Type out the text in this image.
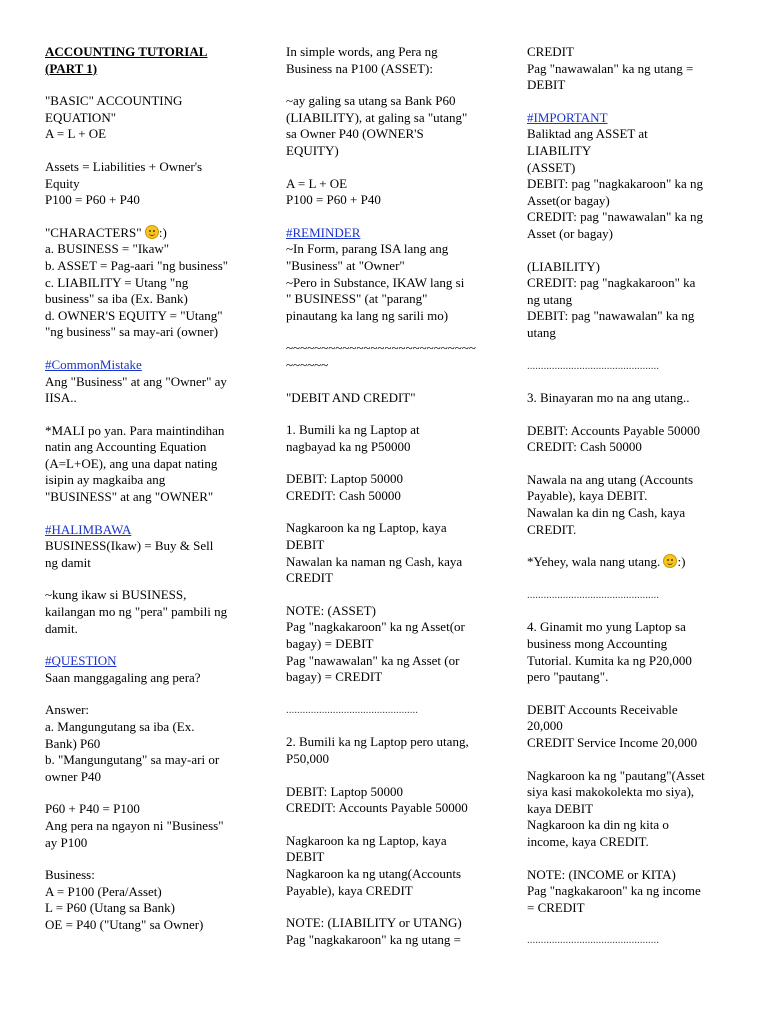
ACCOUNTING TUTORIAL
(PART 1)
"BASIC" ACCOUNTING
EQUATION"
A = L + OE
Assets = Liabilities + Owner's
Equity
P100 = P60 + P40
"CHARACTERS" :)
a. BUSINESS = "Ikaw"
b. ASSET = Pag-aari "ng business"
c. LIABILITY = Utang "ng
business" sa iba (Ex. Bank)
d. OWNER'S EQUITY = "Utang"
"ng business" sa may-ari (owner)
#CommonMistake
Ang "Business" at ang "Owner" ay
IISA..
*MALI po yan. Para maintindihan
natin ang Accounting Equation
(A=L+OE), ang una dapat nating
isipin ay magkaiba ang
"BUSINESS" at ang "OWNER"
#HALIMBAWA
BUSINESS(Ikaw) = Buy & Sell
ng damit
~kung ikaw si BUSINESS,
kailangan mo ng "pera" pambili ng
damit.
#QUESTION
Saan manggagaling ang pera?
Answer:
a. Mangungutang sa iba (Ex.
Bank) P60
b. "Mangungutang" sa may-ari or
owner P40
P60 + P40 = P100
Ang pera na ngayon ni "Business"
ay P100
Business:
A = P100 (Pera/Asset)
L = P60 (Utang sa Bank)
OE = P40 ("Utang" sa Owner)
In simple words, ang Pera ng
Business na P100 (ASSET):
~ay galing sa utang sa Bank P60
(LIABILITY), at galing sa "utang"
sa Owner P40 (OWNER'S
EQUITY)
A = L + OE
P100 = P60 + P40
#REMINDER
~In Form, parang ISA lang ang
"Business" at "Owner"
~Pero in Substance, IKAW lang si
" BUSINESS" (at "parang"
pinautang ka lang ng sarili mo)
~~~~~~~~~~~~~~~~~~~~~~~~~~~
~~~~~~
"DEBIT AND CREDIT"
1. Bumili ka ng Laptop at
nagbayad ka ng P50000
DEBIT: Laptop 50000
CREDIT: Cash 50000
Nagkaroon ka ng Laptop, kaya
DEBIT
Nawalan ka naman ng Cash, kaya
CREDIT
NOTE: (ASSET)
Pag "nagkakaroon" ka ng Asset(or
bagay) = DEBIT
Pag "nawawalan" ka ng Asset (or
bagay) = CREDIT
................................................
2. Bumili ka ng Laptop pero utang,
P50,000
DEBIT: Laptop 50000
CREDIT: Accounts Payable 50000
Nagkaroon ka ng Laptop, kaya
DEBIT
Nagkaroon ka ng utang(Accounts
Payable), kaya CREDIT
NOTE: (LIABILITY or UTANG)
Pag "nagkakaroon" ka ng utang =
CREDIT
Pag "nawawalan" ka ng utang =
DEBIT
#IMPORTANT
Baliktad ang ASSET at
LIABILITY
(ASSET)
DEBIT: pag "nagkakaroon" ka ng
Asset(or bagay)
CREDIT: pag "nawawalan" ka ng
Asset (or bagay)
(LIABILITY)
CREDIT: pag "nagkakaroon" ka
ng utang
DEBIT: pag "nawawalan" ka ng
utang
................................................
3. Binayaran mo na ang utang..
DEBIT: Accounts Payable 50000
CREDIT: Cash 50000
Nawala na ang utang (Accounts
Payable), kaya DEBIT.
Nawalan ka din ng Cash, kaya
CREDIT.
*Yehey, wala nang utang. :)
................................................
4. Ginamit mo yung Laptop sa
business mong Accounting
Tutorial. Kumita ka ng P20,000
pero "pautang".
DEBIT Accounts Receivable
20,000
CREDIT Service Income 20,000
Nagkaroon ka ng "pautang"(Asset
siya kasi makokolekta mo siya),
kaya DEBIT
Nagkaroon ka din ng kita o
income, kaya CREDIT.
NOTE: (INCOME or KITA)
Pag "nagkakaroon" ka ng income
= CREDIT
................................................
